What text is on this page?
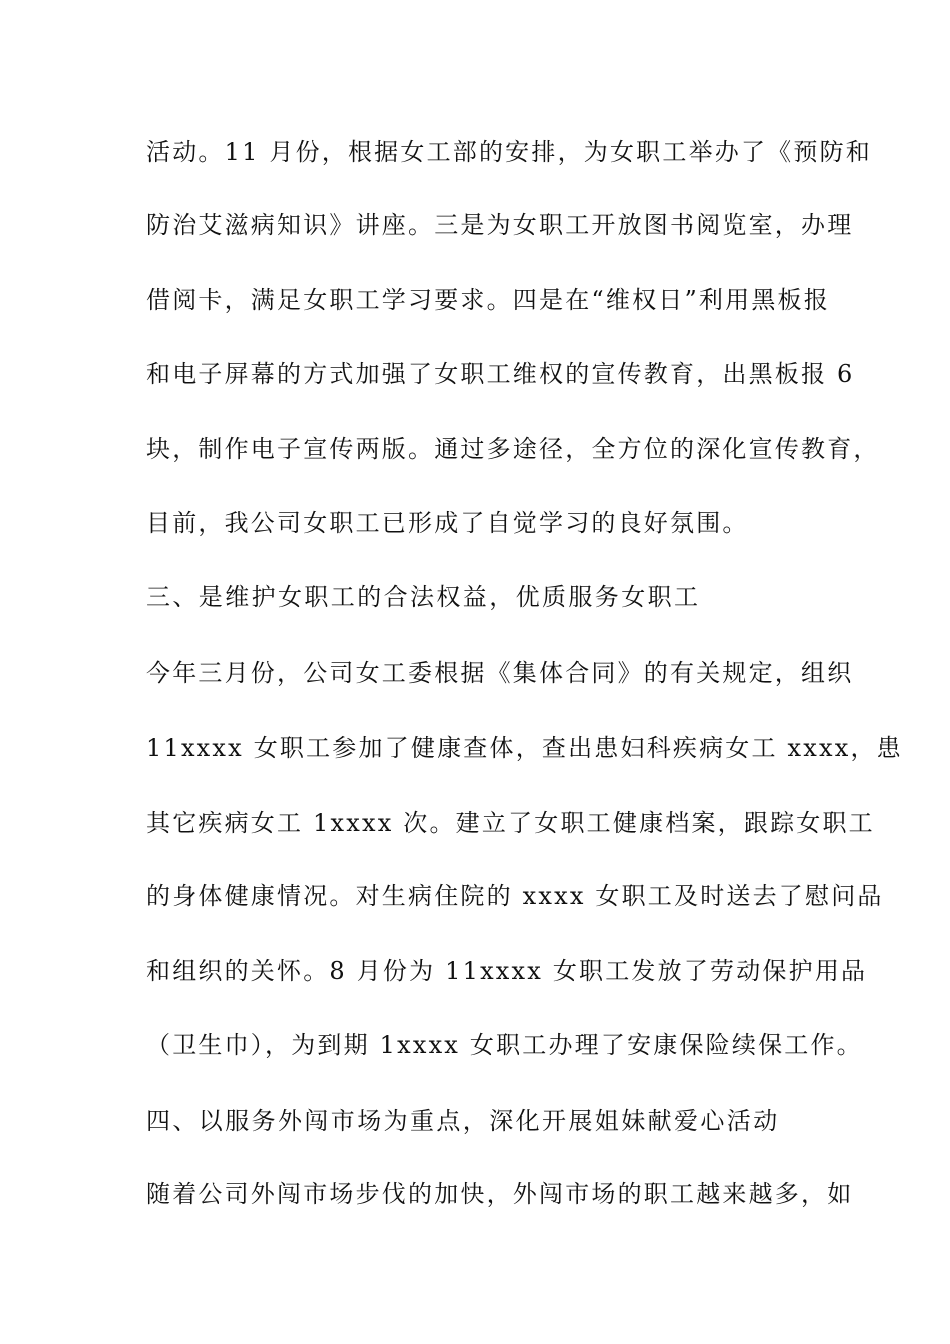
活动。11 月份，根据女工部的安排，为女职工举办了《预防和
防治艾滋病知识》讲座。三是为女职工开放图书阅览室，办理
借阅卡，满足女职工学习要求。四是在“维权日”利用黑板报
和电子屏幕的方式加强了女职工维权的宣传教育，出黑板报 6
块，制作电子宣传两版。通过多途径，全方位的深化宣传教育，
目前，我公司女职工已形成了自觉学习的良好氛围。
三、是维护女职工的合法权益，优质服务女职工
今年三月份，公司女工委根据《集体合同》的有关规定，组织
11xxxx 女职工参加了健康查体，查出患妇科疾病女工 xxxx，患
其它疾病女工 1xxxx 次。建立了女职工健康档案，跟踪女职工
的身体健康情况。对生病住院的 xxxx 女职工及时送去了慰问品
和组织的关怀。8 月份为 11xxxx 女职工发放了劳动保护用品
（卫生巾），为到期 1xxxx 女职工办理了安康保险续保工作。
四、以服务外闯市场为重点，深化开展姐妹献爱心活动
随着公司外闯市场步伐的加快，外闯市场的职工越来越多，如
